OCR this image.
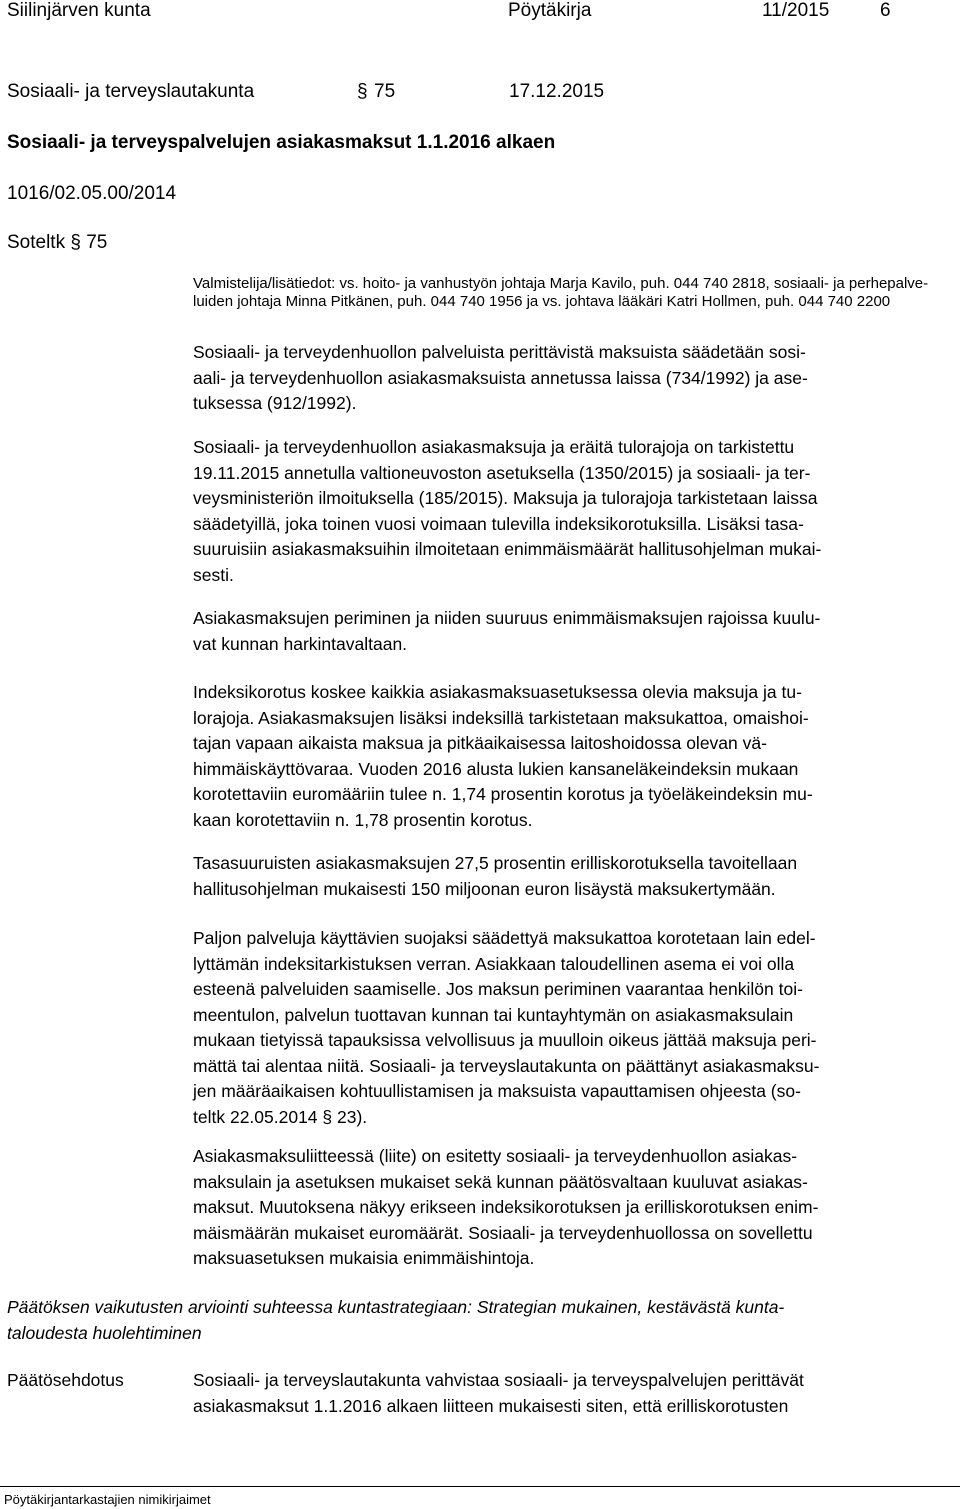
Siilinjärven kunta	Pöytäkirja	11/2015	6
Sosiaali- ja terveyslautakunta	§ 75	17.12.2015
Sosiaali- ja terveyspalvelujen asiakasmaksut 1.1.2016 alkaen
1016/02.05.00/2014
Soteltk § 75
Valmistelija/lisätiedot: vs. hoito- ja vanhustyön johtaja Marja Kavilo, puh. 044 740 2818, sosiaali- ja perhepalve-
luiden johtaja Minna Pitkänen, puh. 044 740 1956 ja vs. johtava lääkäri Katri Hollmen, puh. 044 740 2200

Sosiaali- ja terveydenhuollon palveluista perittävistä maksuista säädetään sosi-

aali- ja terveydenhuollon asiakasmaksuista annetussa laissa (734/1992) ja ase-

tuksessa (912/1992).

Sosiaali- ja terveydenhuollon asiakasmaksuja ja eräitä tulorajoja on tarkistettu

19.11.2015 annetulla valtioneuvoston asetuksella (1350/2015) ja sosiaali- ja ter-

veysministeriön ilmoituksella (185/2015). Maksuja ja tulorajoja tarkistetaan laissa

säädetyillä, joka toinen vuosi voimaan tulevilla indeksikorotuksilla. Lisäksi tasa-

suuruisiin asiakasmaksuihin ilmoitetaan enimmäismäärät hallitusohjelman mukai-

sesti.

Asiakasmaksujen periminen ja niiden suuruus enimmäismaksujen rajoissa kuulu-

vat kunnan harkintavaltaan.

Indeksikorotus koskee kaikkia asiakasmaksuasetuksessa olevia maksuja ja tu-

lorajoja. Asiakasmaksujen lisäksi indeksillä tarkistetaan maksukattoa, omaishoi-

tajan vapaan aikaista maksua ja pitkäaikaisessa laitoshoidossa olevan vä-

himmäiskäyttövaraa. Vuoden 2016 alusta lukien kansaneläkeindeksin mukaan

korotettaviin euromääriin tulee n. 1,74 prosentin korotus ja työeläkeindeksin mu-

kaan korotettaviin n. 1,78 prosentin korotus.

Tasasuuruisten asiakasmaksujen 27,5 prosentin erilliskorotuksella tavoitellaan

hallitusohjelman mukaisesti 150 miljoonan euron lisäystä maksukertymään.

Paljon palveluja käyttävien suojaksi säädettyä maksukattoa korotetaan lain edel-

lyttämän indeksitarkistuksen verran. Asiakkaan taloudellinen asema ei voi olla

esteenä palveluiden saamiselle. Jos maksun periminen vaarantaa henkilön toi-

meentulon, palvelun tuottavan kunnan tai kuntayhtymän on asiakasmaksulain

mukaan tietyissä tapauksissa velvollisuus ja muulloin oikeus jättää maksuja peri-

mättä tai alentaa niitä. Sosiaali- ja terveyslautakunta on päättänyt asiakasmaksu-

jen määräaikaisen kohtuullistamisen ja maksuista vapauttamisen ohjeesta (so-

teltk 22.05.2014 § 23).

Asiakasmaksuliitteessä (liite) on esitetty sosiaali- ja terveydenhuollon asiakas-

maksulain ja asetuksen mukaiset sekä kunnan päätösvaltaan kuuluvat asiakas-

maksut. Muutoksena näkyy erikseen indeksikorotuksen ja erilliskorotuksen enim-

mäismäärän mukaiset euromäärät. Sosiaali- ja terveydenhuollossa on sovellettu

maksuasetuksen mukaisia enimmäishintoja.

Päätöksen vaikutusten arviointi suhteessa kuntastrategiaan: Strategian mukainen, kestävästä kunta-
taloudesta huolehtiminen
Päätösehdotus	Sosiaali- ja terveyslautakunta vahvistaa sosiaali- ja terveyspalvelujen perittävät

asiakasmaksut 1.1.2016 alkaen liitteen mukaisesti siten, että erilliskorotusten

Pöytäkirjantarkastajien nimikirjaimet
